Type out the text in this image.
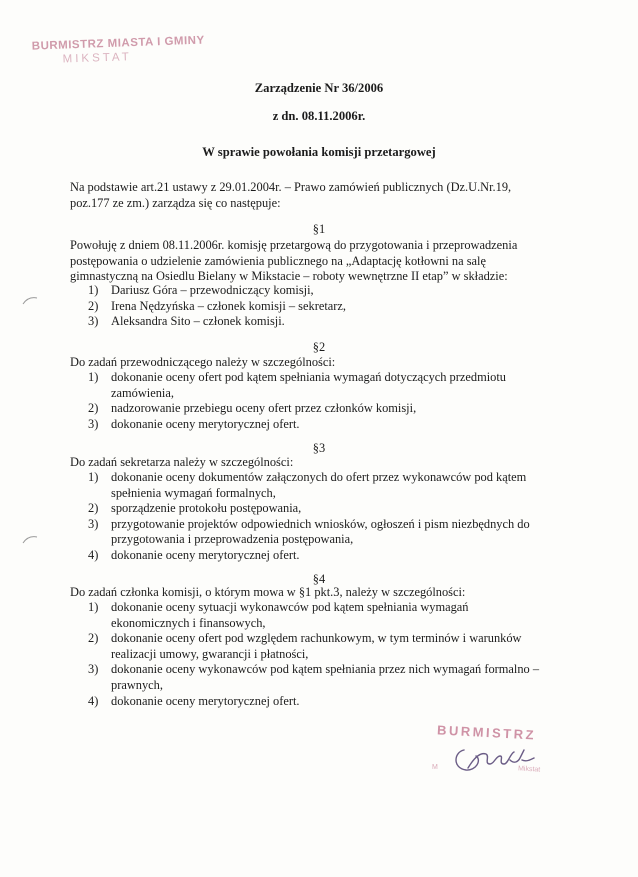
BURMISTRZ MIASTA I GMINY
MIKSTAT
Zarządzenie Nr 36/2006
z dn. 08.11.2006r.
W sprawie powołania komisji przetargowej
Na podstawie art.21 ustawy z 29.01.2004r. – Prawo zamówień publicznych (Dz.U.Nr.19,
poz.177 ze zm.) zarządza się co następuje:
§1
Powołuję z dniem 08.11.2006r. komisję przetargową do przygotowania i przeprowadzenia
postępowania o udzielenie zamówienia publicznego na „Adaptację kotłowni na salę
gimnastyczną na Osiedlu Bielany w Mikstacie – roboty wewnętrzne II etap” w składzie:
1) Dariusz Góra – przewodniczący komisji,
2) Irena Nędzyńska – członek komisji – sekretarz,
3) Aleksandra Sito – członek komisji.
§2
Do zadań przewodniczącego należy w szczególności:
1) dokonanie oceny ofert pod kątem spełniania wymagań dotyczących przedmiotu
zamówienia,
2) nadzorowanie przebiegu oceny ofert przez członków komisji,
3) dokonanie oceny merytorycznej ofert.
§3
Do zadań sekretarza należy w szczególności:
1) dokonanie oceny dokumentów załączonych do ofert przez wykonawców pod kątem
spełnienia wymagań formalnych,
2) sporządzenie protokołu postępowania,
3) przygotowanie projektów odpowiednich wniosków, ogłoszeń i pism niezbędnych do
przygotowania i przeprowadzenia postępowania,
4) dokonanie oceny merytorycznej ofert.
§4
Do zadań członka komisji, o którym mowa w §1 pkt.3, należy w szczególności:
1) dokonanie oceny sytuacji wykonawców pod kątem spełniania wymagań
ekonomicznych i finansowych,
2) dokonanie oceny ofert pod względem rachunkowym, w tym terminów i warunków
realizacji umowy, gwarancji i płatności,
3) dokonanie oceny wykonawców pod kątem spełniania przez nich wymagań formalno –
prawnych,
4) dokonanie oceny merytorycznej ofert.
BURMISTRZ
M	Mikstat
